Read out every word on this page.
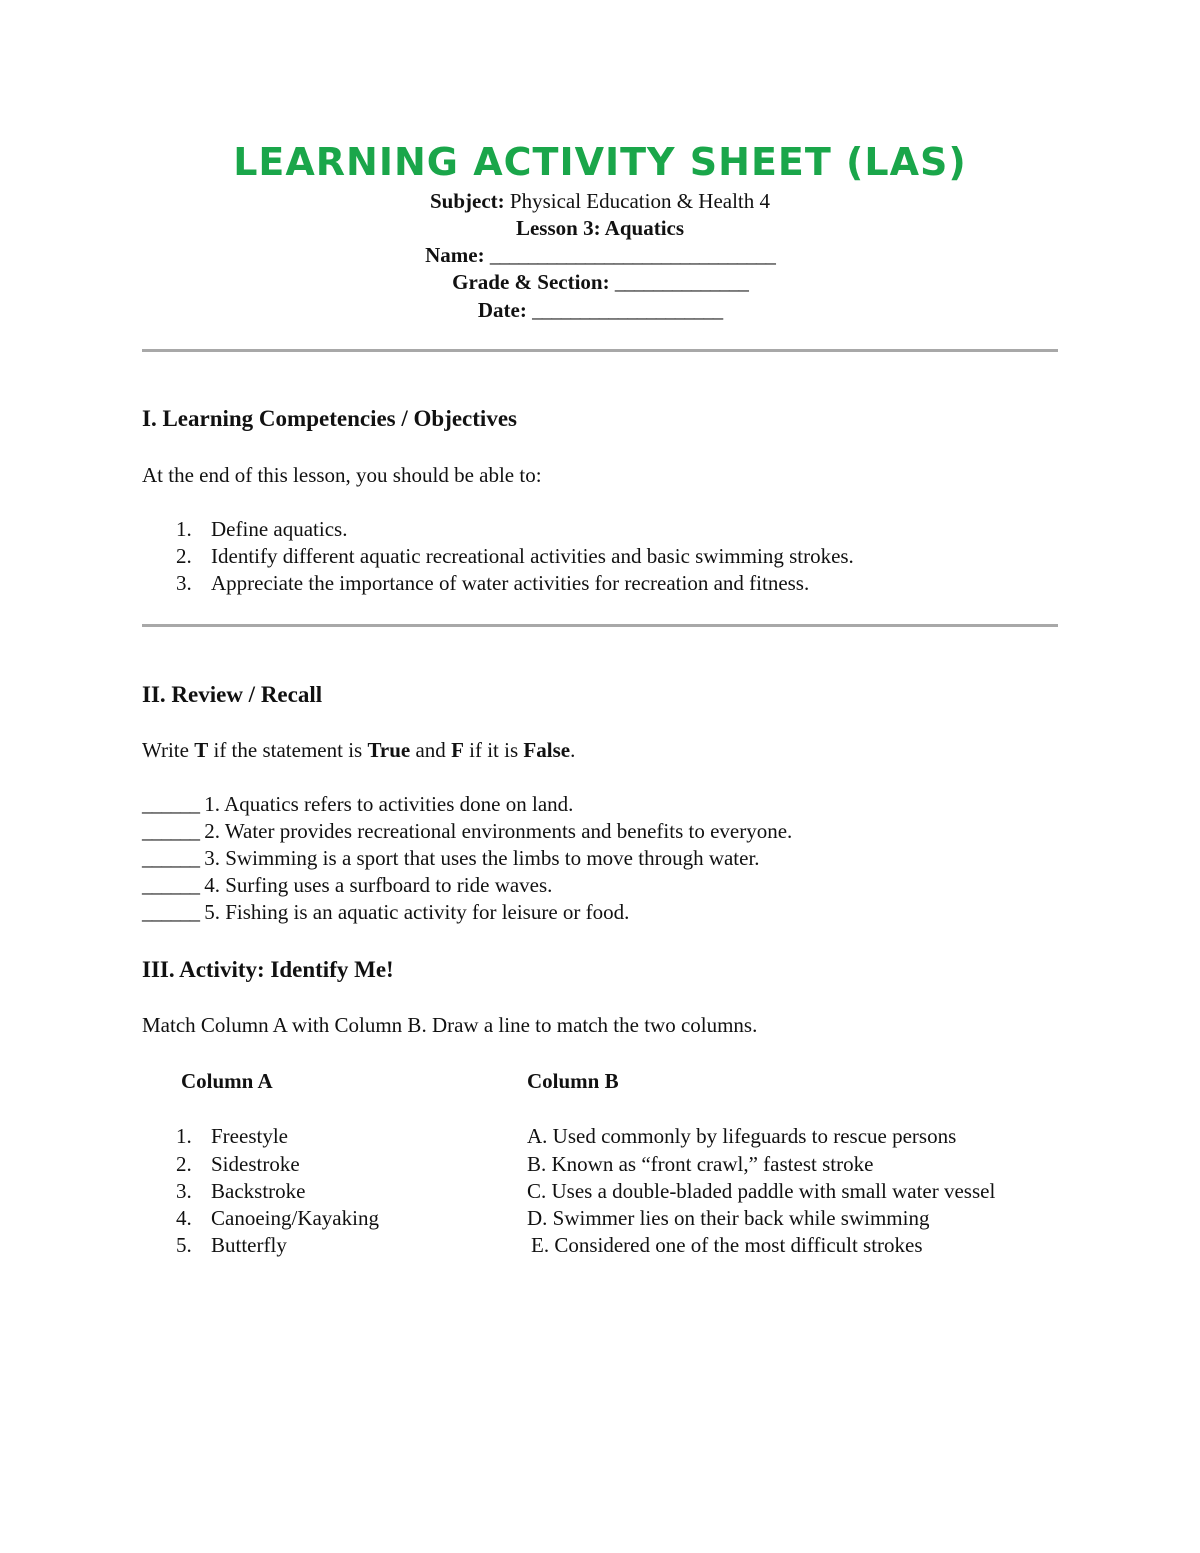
LEARNING ACTIVITY SHEET (LAS)
Subject: Physical Education & Health 4
Lesson 3: Aquatics
Name: ______________________________
Grade & Section: ______________
Date: ____________________
I. Learning Competencies / Objectives
At the end of this lesson, you should be able to:
1. Define aquatics.
2. Identify different aquatic recreational activities and basic swimming strokes.
3. Appreciate the importance of water activities for recreation and fitness.
II. Review / Recall
Write T if the statement is True and F if it is False.
______ 1. Aquatics refers to activities done on land.
______ 2. Water provides recreational environments and benefits to everyone.
______ 3. Swimming is a sport that uses the limbs to move through water.
______ 4. Surfing uses a surfboard to ride waves.
______ 5. Fishing is an aquatic activity for leisure or food.
III. Activity: Identify Me!
Match Column A with Column B. Draw a line to match the two columns.
Column A	Column B
1. Freestyle
2. Sidestroke
3. Backstroke
4. Canoeing/Kayaking
5. Butterfly
A. Used commonly by lifeguards to rescue persons
B. Known as “front crawl,” fastest stroke
C. Uses a double-bladed paddle with small water vessel
D. Swimmer lies on their back while swimming
E. Considered one of the most difficult strokes
